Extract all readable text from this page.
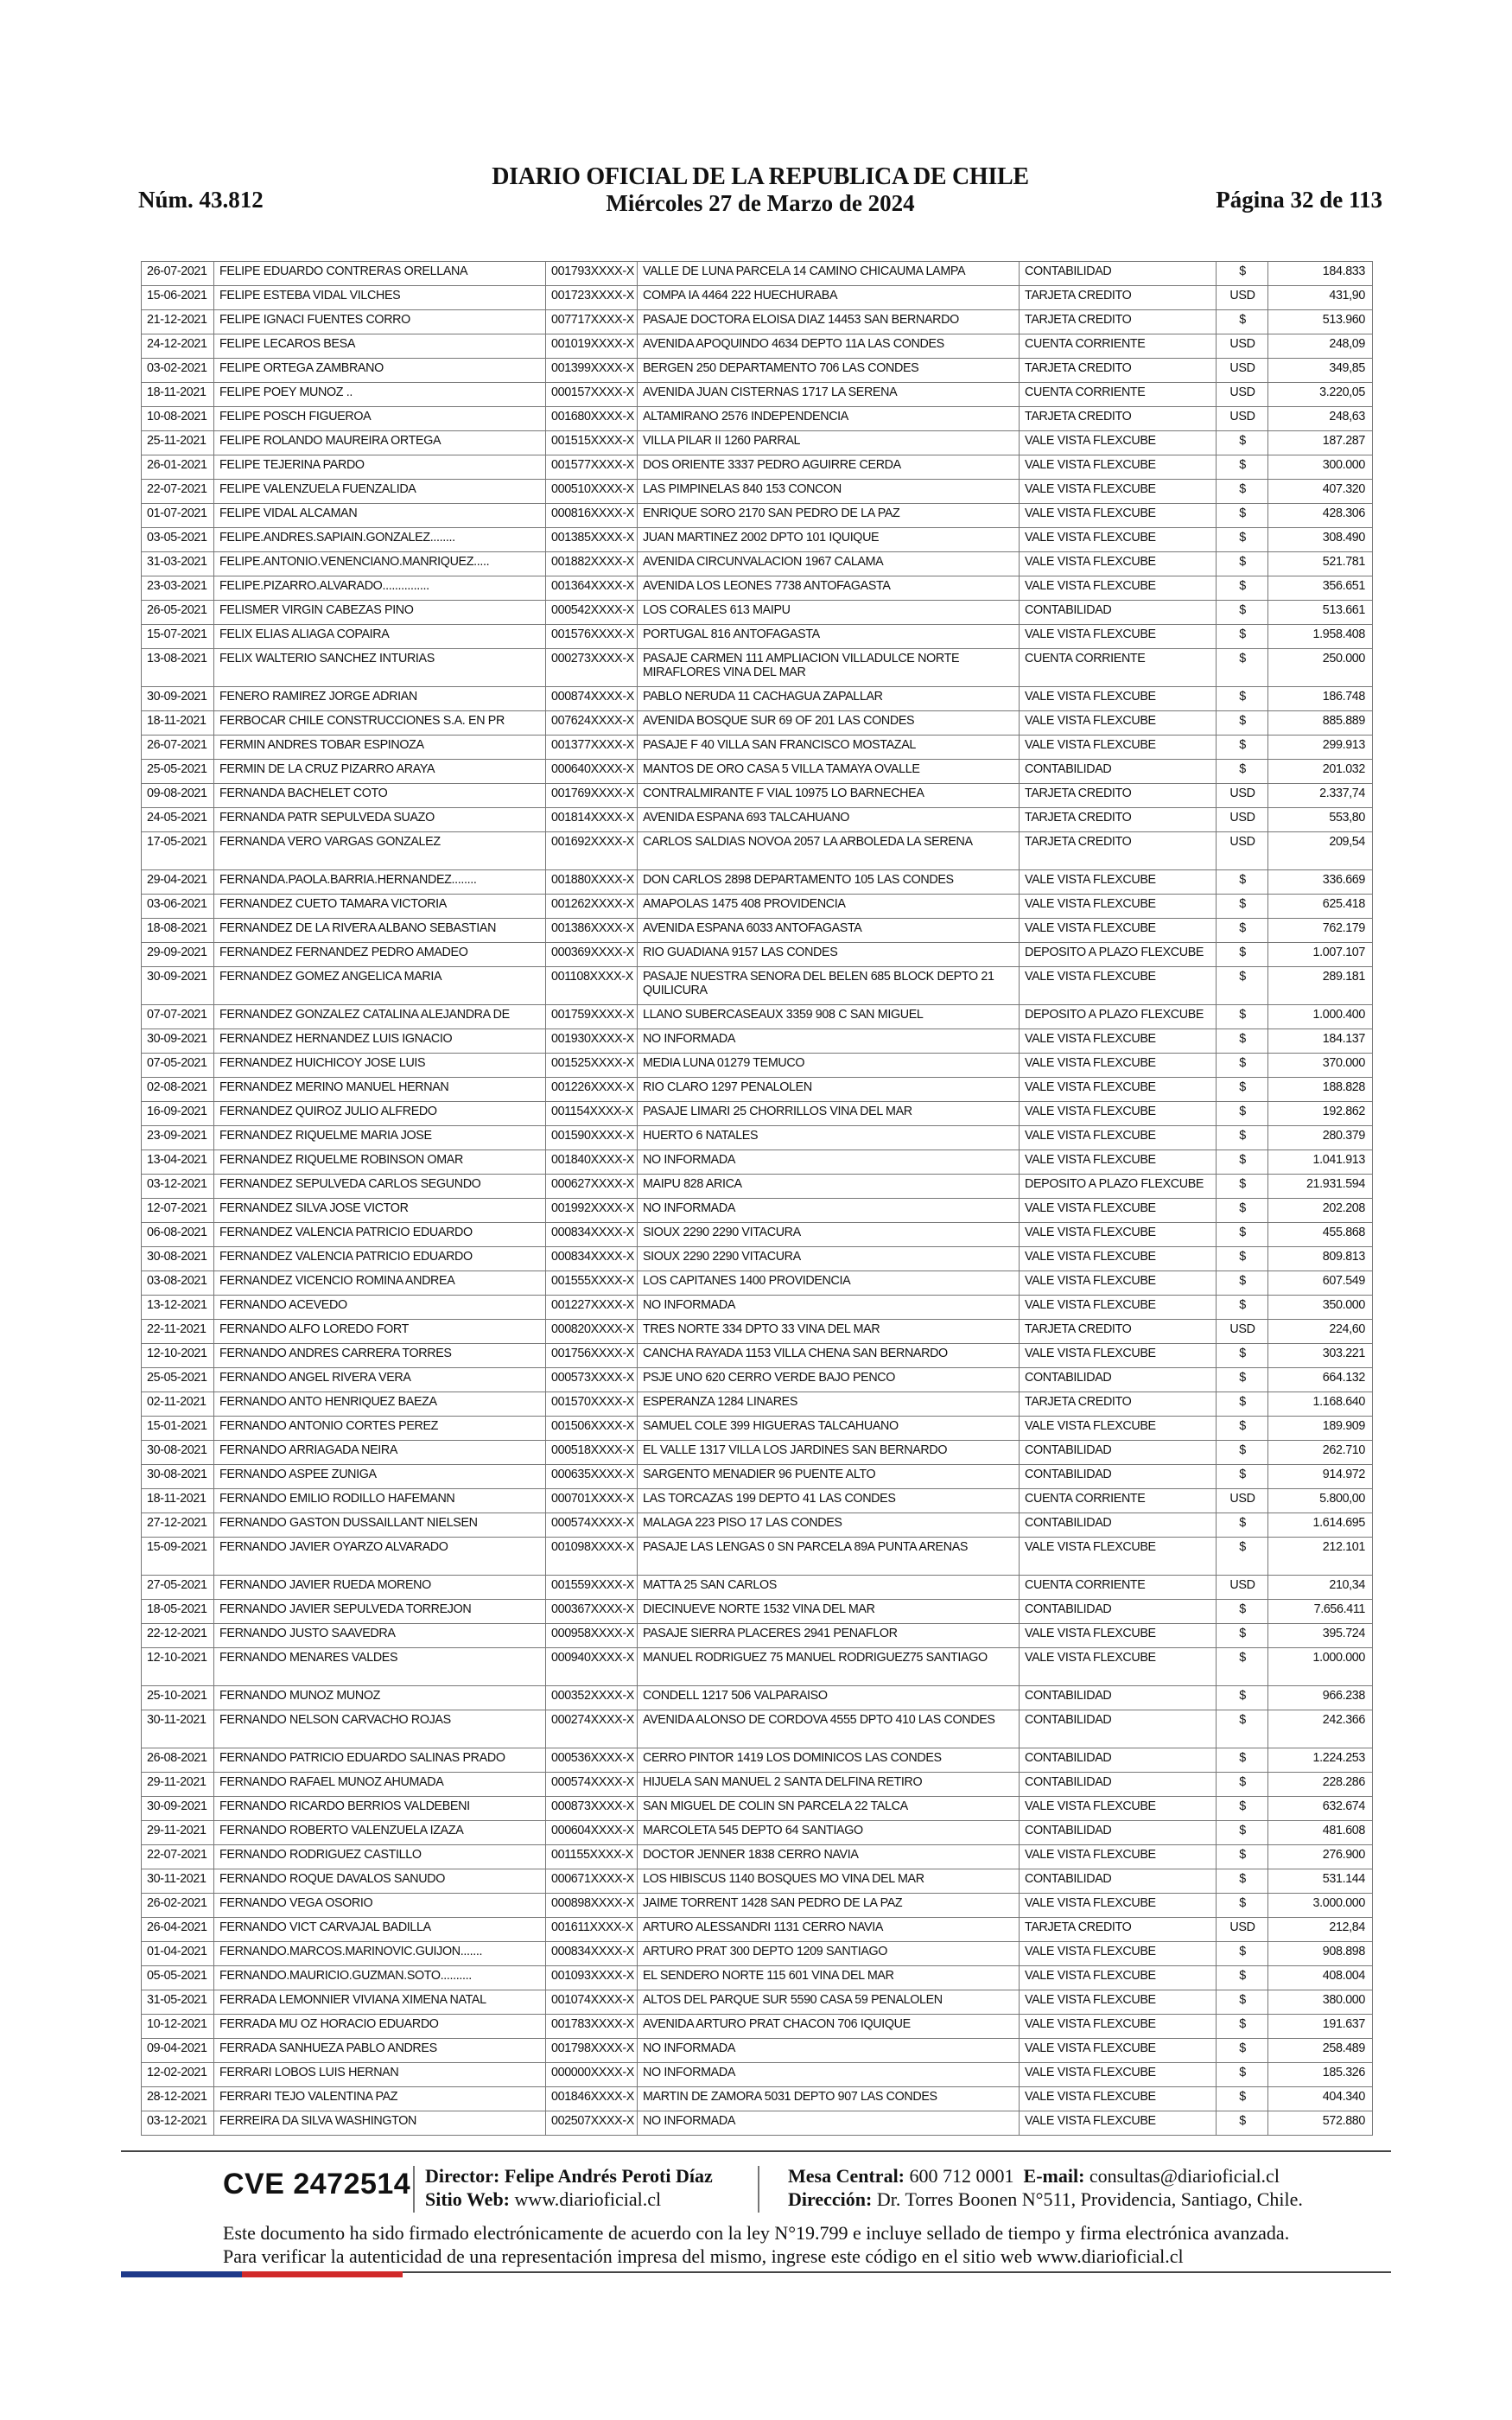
Núm. 43.812
DIARIO OFICIAL DE LA REPUBLICA DE CHILE
Miércoles 27 de Marzo de 2024	Página 32 de 113
26-07-2021	FELIPE EDUARDO CONTRERAS ORELLANA	001793XXXX-X	VALLE DE LUNA PARCELA 14 CAMINO CHICAUMA LAMPA	CONTABILIDAD	$	184.833
15-06-2021	FELIPE ESTEBA VIDAL VILCHES	001723XXXX-X	COMPA IA 4464 222 HUECHURABA	TARJETA CREDITO	USD	431,90
21-12-2021	FELIPE IGNACI FUENTES CORRO	007717XXXX-X	PASAJE DOCTORA ELOISA DIAZ 14453 SAN BERNARDO	TARJETA CREDITO	$	513.960
24-12-2021	FELIPE LECAROS BESA	001019XXXX-X	AVENIDA APOQUINDO 4634 DEPTO 11A LAS CONDES	CUENTA CORRIENTE	USD	248,09
03-02-2021	FELIPE ORTEGA ZAMBRANO	001399XXXX-X	BERGEN 250 DEPARTAMENTO 706 LAS CONDES	TARJETA CREDITO	USD	349,85
18-11-2021	FELIPE POEY MUNOZ ..	000157XXXX-X	AVENIDA JUAN CISTERNAS 1717 LA SERENA	CUENTA CORRIENTE	USD	3.220,05
10-08-2021	FELIPE POSCH FIGUEROA	001680XXXX-X	ALTAMIRANO 2576 INDEPENDENCIA	TARJETA CREDITO	USD	248,63
25-11-2021	FELIPE ROLANDO MAUREIRA ORTEGA	001515XXXX-X	VILLA PILAR II 1260 PARRAL	VALE VISTA FLEXCUBE	$	187.287
26-01-2021	FELIPE TEJERINA PARDO	001577XXXX-X	DOS ORIENTE 3337 PEDRO AGUIRRE CERDA	VALE VISTA FLEXCUBE	$	300.000
22-07-2021	FELIPE VALENZUELA FUENZALIDA	000510XXXX-X	LAS PIMPINELAS 840 153 CONCON	VALE VISTA FLEXCUBE	$	407.320
01-07-2021	FELIPE VIDAL ALCAMAN	000816XXXX-X	ENRIQUE SORO 2170 SAN PEDRO DE LA PAZ	VALE VISTA FLEXCUBE	$	428.306
03-05-2021	FELIPE.ANDRES.SAPIAIN.GONZALEZ........	001385XXXX-X	JUAN MARTINEZ 2002 DPTO 101 IQUIQUE	VALE VISTA FLEXCUBE	$	308.490
31-03-2021	FELIPE.ANTONIO.VENENCIANO.MANRIQUEZ.....	001882XXXX-X	AVENIDA CIRCUNVALACION 1967 CALAMA	VALE VISTA FLEXCUBE	$	521.781
23-03-2021	FELIPE.PIZARRO.ALVARADO...............	001364XXXX-X	AVENIDA LOS LEONES 7738 ANTOFAGASTA	VALE VISTA FLEXCUBE	$	356.651
26-05-2021	FELISMER VIRGIN CABEZAS PINO	000542XXXX-X	LOS CORALES 613 MAIPU	CONTABILIDAD	$	513.661
15-07-2021	FELIX ELIAS ALIAGA COPAIRA	001576XXXX-X	PORTUGAL 816 ANTOFAGASTA	VALE VISTA FLEXCUBE	$	1.958.408
13-08-2021	FELIX WALTERIO SANCHEZ INTURIAS	000273XXXX-X	PASAJE CARMEN 111 AMPLIACION VILLADULCE NORTE MIRAFLORES VINA DEL MAR	CUENTA CORRIENTE	$	250.000
30-09-2021	FENERO RAMIREZ JORGE ADRIAN	000874XXXX-X	PABLO NERUDA 11 CACHAGUA ZAPALLAR	VALE VISTA FLEXCUBE	$	186.748
18-11-2021	FERBOCAR CHILE CONSTRUCCIONES S.A. EN PR	007624XXXX-X	AVENIDA BOSQUE SUR 69 OF 201 LAS CONDES	VALE VISTA FLEXCUBE	$	885.889
26-07-2021	FERMIN ANDRES TOBAR ESPINOZA	001377XXXX-X	PASAJE F 40 VILLA SAN FRANCISCO MOSTAZAL	VALE VISTA FLEXCUBE	$	299.913
25-05-2021	FERMIN DE LA CRUZ PIZARRO ARAYA	000640XXXX-X	MANTOS DE ORO CASA 5 VILLA TAMAYA OVALLE	CONTABILIDAD	$	201.032
09-08-2021	FERNANDA BACHELET COTO	001769XXXX-X	CONTRALMIRANTE F VIAL 10975 LO BARNECHEA	TARJETA CREDITO	USD	2.337,74
24-05-2021	FERNANDA PATR SEPULVEDA SUAZO	001814XXXX-X	AVENIDA ESPANA 693 TALCAHUANO	TARJETA CREDITO	USD	553,80
17-05-2021	FERNANDA VERO VARGAS GONZALEZ	001692XXXX-X	CARLOS SALDIAS NOVOA 2057 LA ARBOLEDA LA SERENA	TARJETA CREDITO	USD	209,54
29-04-2021	FERNANDA.PAOLA.BARRIA.HERNANDEZ........	001880XXXX-X	DON CARLOS 2898 DEPARTAMENTO 105 LAS CONDES	VALE VISTA FLEXCUBE	$	336.669
03-06-2021	FERNANDEZ CUETO TAMARA VICTORIA	001262XXXX-X	AMAPOLAS 1475 408 PROVIDENCIA	VALE VISTA FLEXCUBE	$	625.418
18-08-2021	FERNANDEZ DE LA RIVERA ALBANO SEBASTIAN	001386XXXX-X	AVENIDA ESPANA 6033 ANTOFAGASTA	VALE VISTA FLEXCUBE	$	762.179
29-09-2021	FERNANDEZ FERNANDEZ PEDRO AMADEO	000369XXXX-X	RIO GUADIANA 9157 LAS CONDES	DEPOSITO A PLAZO FLEXCUBE	$	1.007.107
30-09-2021	FERNANDEZ GOMEZ ANGELICA MARIA	001108XXXX-X	PASAJE NUESTRA SENORA DEL BELEN 685 BLOCK DEPTO 21 QUILICURA	VALE VISTA FLEXCUBE	$	289.181
07-07-2021	FERNANDEZ GONZALEZ CATALINA ALEJANDRA DE	001759XXXX-X	LLANO SUBERCASEAUX 3359 908 C SAN MIGUEL	DEPOSITO A PLAZO FLEXCUBE	$	1.000.400
30-09-2021	FERNANDEZ HERNANDEZ LUIS IGNACIO	001930XXXX-X	NO INFORMADA	VALE VISTA FLEXCUBE	$	184.137
07-05-2021	FERNANDEZ HUICHICOY JOSE LUIS	001525XXXX-X	MEDIA LUNA 01279 TEMUCO	VALE VISTA FLEXCUBE	$	370.000
02-08-2021	FERNANDEZ MERINO MANUEL HERNAN	001226XXXX-X	RIO CLARO 1297 PENALOLEN	VALE VISTA FLEXCUBE	$	188.828
16-09-2021	FERNANDEZ QUIROZ JULIO ALFREDO	001154XXXX-X	PASAJE LIMARI 25 CHORRILLOS VINA DEL MAR	VALE VISTA FLEXCUBE	$	192.862
23-09-2021	FERNANDEZ RIQUELME MARIA JOSE	001590XXXX-X	HUERTO 6 NATALES	VALE VISTA FLEXCUBE	$	280.379
13-04-2021	FERNANDEZ RIQUELME ROBINSON OMAR	001840XXXX-X	NO INFORMADA	VALE VISTA FLEXCUBE	$	1.041.913
03-12-2021	FERNANDEZ SEPULVEDA CARLOS SEGUNDO	000627XXXX-X	MAIPU 828 ARICA	DEPOSITO A PLAZO FLEXCUBE	$	21.931.594
12-07-2021	FERNANDEZ SILVA JOSE VICTOR	001992XXXX-X	NO INFORMADA	VALE VISTA FLEXCUBE	$	202.208
06-08-2021	FERNANDEZ VALENCIA PATRICIO EDUARDO	000834XXXX-X	SIOUX 2290 2290 VITACURA	VALE VISTA FLEXCUBE	$	455.868
30-08-2021	FERNANDEZ VALENCIA PATRICIO EDUARDO	000834XXXX-X	SIOUX 2290 2290 VITACURA	VALE VISTA FLEXCUBE	$	809.813
03-08-2021	FERNANDEZ VICENCIO ROMINA ANDREA	001555XXXX-X	LOS CAPITANES 1400 PROVIDENCIA	VALE VISTA FLEXCUBE	$	607.549
13-12-2021	FERNANDO ACEVEDO	001227XXXX-X	NO INFORMADA	VALE VISTA FLEXCUBE	$	350.000
22-11-2021	FERNANDO ALFO LOREDO FORT	000820XXXX-X	TRES NORTE 334 DPTO 33 VINA DEL MAR	TARJETA CREDITO	USD	224,60
12-10-2021	FERNANDO ANDRES CARRERA TORRES	001756XXXX-X	CANCHA RAYADA 1153 VILLA CHENA SAN BERNARDO	VALE VISTA FLEXCUBE	$	303.221
25-05-2021	FERNANDO ANGEL RIVERA VERA	000573XXXX-X	PSJE UNO 620 CERRO VERDE BAJO PENCO	CONTABILIDAD	$	664.132
02-11-2021	FERNANDO ANTO HENRIQUEZ BAEZA	001570XXXX-X	ESPERANZA 1284 LINARES	TARJETA CREDITO	$	1.168.640
15-01-2021	FERNANDO ANTONIO CORTES PEREZ	001506XXXX-X	SAMUEL COLE 399 HIGUERAS TALCAHUANO	VALE VISTA FLEXCUBE	$	189.909
30-08-2021	FERNANDO ARRIAGADA NEIRA	000518XXXX-X	EL VALLE 1317 VILLA LOS JARDINES SAN BERNARDO	CONTABILIDAD	$	262.710
30-08-2021	FERNANDO ASPEE ZUNIGA	000635XXXX-X	SARGENTO MENADIER 96 PUENTE ALTO	CONTABILIDAD	$	914.972
18-11-2021	FERNANDO EMILIO RODILLO HAFEMANN	000701XXXX-X	LAS TORCAZAS 199 DEPTO 41 LAS CONDES	CUENTA CORRIENTE	USD	5.800,00
27-12-2021	FERNANDO GASTON DUSSAILLANT NIELSEN	000574XXXX-X	MALAGA 223 PISO 17 LAS CONDES	CONTABILIDAD	$	1.614.695
15-09-2021	FERNANDO JAVIER OYARZO ALVARADO	001098XXXX-X	PASAJE LAS LENGAS 0 SN PARCELA 89A PUNTA ARENAS	VALE VISTA FLEXCUBE	$	212.101
27-05-2021	FERNANDO JAVIER RUEDA MORENO	001559XXXX-X	MATTA 25 SAN CARLOS	CUENTA CORRIENTE	USD	210,34
18-05-2021	FERNANDO JAVIER SEPULVEDA TORREJON	000367XXXX-X	DIECINUEVE NORTE 1532 VINA DEL MAR	CONTABILIDAD	$	7.656.411
22-12-2021	FERNANDO JUSTO SAAVEDRA	000958XXXX-X	PASAJE SIERRA PLACERES 2941 PENAFLOR	VALE VISTA FLEXCUBE	$	395.724
12-10-2021	FERNANDO MENARES VALDES	000940XXXX-X	MANUEL RODRIGUEZ 75 MANUEL RODRIGUEZ75 SANTIAGO	VALE VISTA FLEXCUBE	$	1.000.000
25-10-2021	FERNANDO MUNOZ MUNOZ	000352XXXX-X	CONDELL 1217 506 VALPARAISO	CONTABILIDAD	$	966.238
30-11-2021	FERNANDO NELSON CARVACHO ROJAS	000274XXXX-X	AVENIDA ALONSO DE CORDOVA 4555 DPTO 410 LAS CONDES	CONTABILIDAD	$	242.366
26-08-2021	FERNANDO PATRICIO EDUARDO SALINAS PRADO	000536XXXX-X	CERRO PINTOR 1419 LOS DOMINICOS LAS CONDES	CONTABILIDAD	$	1.224.253
29-11-2021	FERNANDO RAFAEL MUNOZ AHUMADA	000574XXXX-X	HIJUELA SAN MANUEL 2 SANTA DELFINA RETIRO	CONTABILIDAD	$	228.286
30-09-2021	FERNANDO RICARDO BERRIOS VALDEBENI	000873XXXX-X	SAN MIGUEL DE COLIN SN PARCELA 22 TALCA	VALE VISTA FLEXCUBE	$	632.674
29-11-2021	FERNANDO ROBERTO VALENZUELA IZAZA	000604XXXX-X	MARCOLETA 545 DEPTO 64 SANTIAGO	CONTABILIDAD	$	481.608
22-07-2021	FERNANDO RODRIGUEZ CASTILLO	001155XXXX-X	DOCTOR JENNER 1838 CERRO NAVIA	VALE VISTA FLEXCUBE	$	276.900
30-11-2021	FERNANDO ROQUE DAVALOS SANUDO	000671XXXX-X	LOS HIBISCUS 1140 BOSQUES MO VINA DEL MAR	CONTABILIDAD	$	531.144
26-02-2021	FERNANDO VEGA OSORIO	000898XXXX-X	JAIME TORRENT 1428 SAN PEDRO DE LA PAZ	VALE VISTA FLEXCUBE	$	3.000.000
26-04-2021	FERNANDO VICT CARVAJAL BADILLA	001611XXXX-X	ARTURO ALESSANDRI 1131 CERRO NAVIA	TARJETA CREDITO	USD	212,84
01-04-2021	FERNANDO.MARCOS.MARINOVIC.GUIJON.......	000834XXXX-X	ARTURO PRAT 300 DEPTO 1209 SANTIAGO	VALE VISTA FLEXCUBE	$	908.898
05-05-2021	FERNANDO.MAURICIO.GUZMAN.SOTO..........	001093XXXX-X	EL SENDERO NORTE 115 601 VINA DEL MAR	VALE VISTA FLEXCUBE	$	408.004
31-05-2021	FERRADA LEMONNIER VIVIANA XIMENA NATAL	001074XXXX-X	ALTOS DEL PARQUE SUR 5590 CASA 59 PENALOLEN	VALE VISTA FLEXCUBE	$	380.000
10-12-2021	FERRADA MU OZ HORACIO EDUARDO	001783XXXX-X	AVENIDA ARTURO PRAT CHACON 706 IQUIQUE	VALE VISTA FLEXCUBE	$	191.637
09-04-2021	FERRADA SANHUEZA PABLO ANDRES	001798XXXX-X	NO INFORMADA	VALE VISTA FLEXCUBE	$	258.489
12-02-2021	FERRARI LOBOS LUIS HERNAN	000000XXXX-X	NO INFORMADA	VALE VISTA FLEXCUBE	$	185.326
28-12-2021	FERRARI TEJO VALENTINA PAZ	001846XXXX-X	MARTIN DE ZAMORA 5031 DEPTO 907 LAS CONDES	VALE VISTA FLEXCUBE	$	404.340
03-12-2021	FERREIRA DA SILVA WASHINGTON	002507XXXX-X	NO INFORMADA	VALE VISTA FLEXCUBE	$	572.880
CVE 2472514 Director: Felipe Andrés Peroti Díaz
Sitio Web: www.diarioficial.cl
Mesa Central: 600 712 0001 E-mail: consultas@diarioficial.cl
Dirección: Dr. Torres Boonen N°511, Providencia, Santiago, Chile.
Este documento ha sido firmado electrónicamente de acuerdo con la ley N°19.799 e incluye sellado de tiempo y firma electrónica avanzada. Para verificar la autenticidad de una representación impresa del mismo, ingrese este código en el sitio web www.diarioficial.cl
